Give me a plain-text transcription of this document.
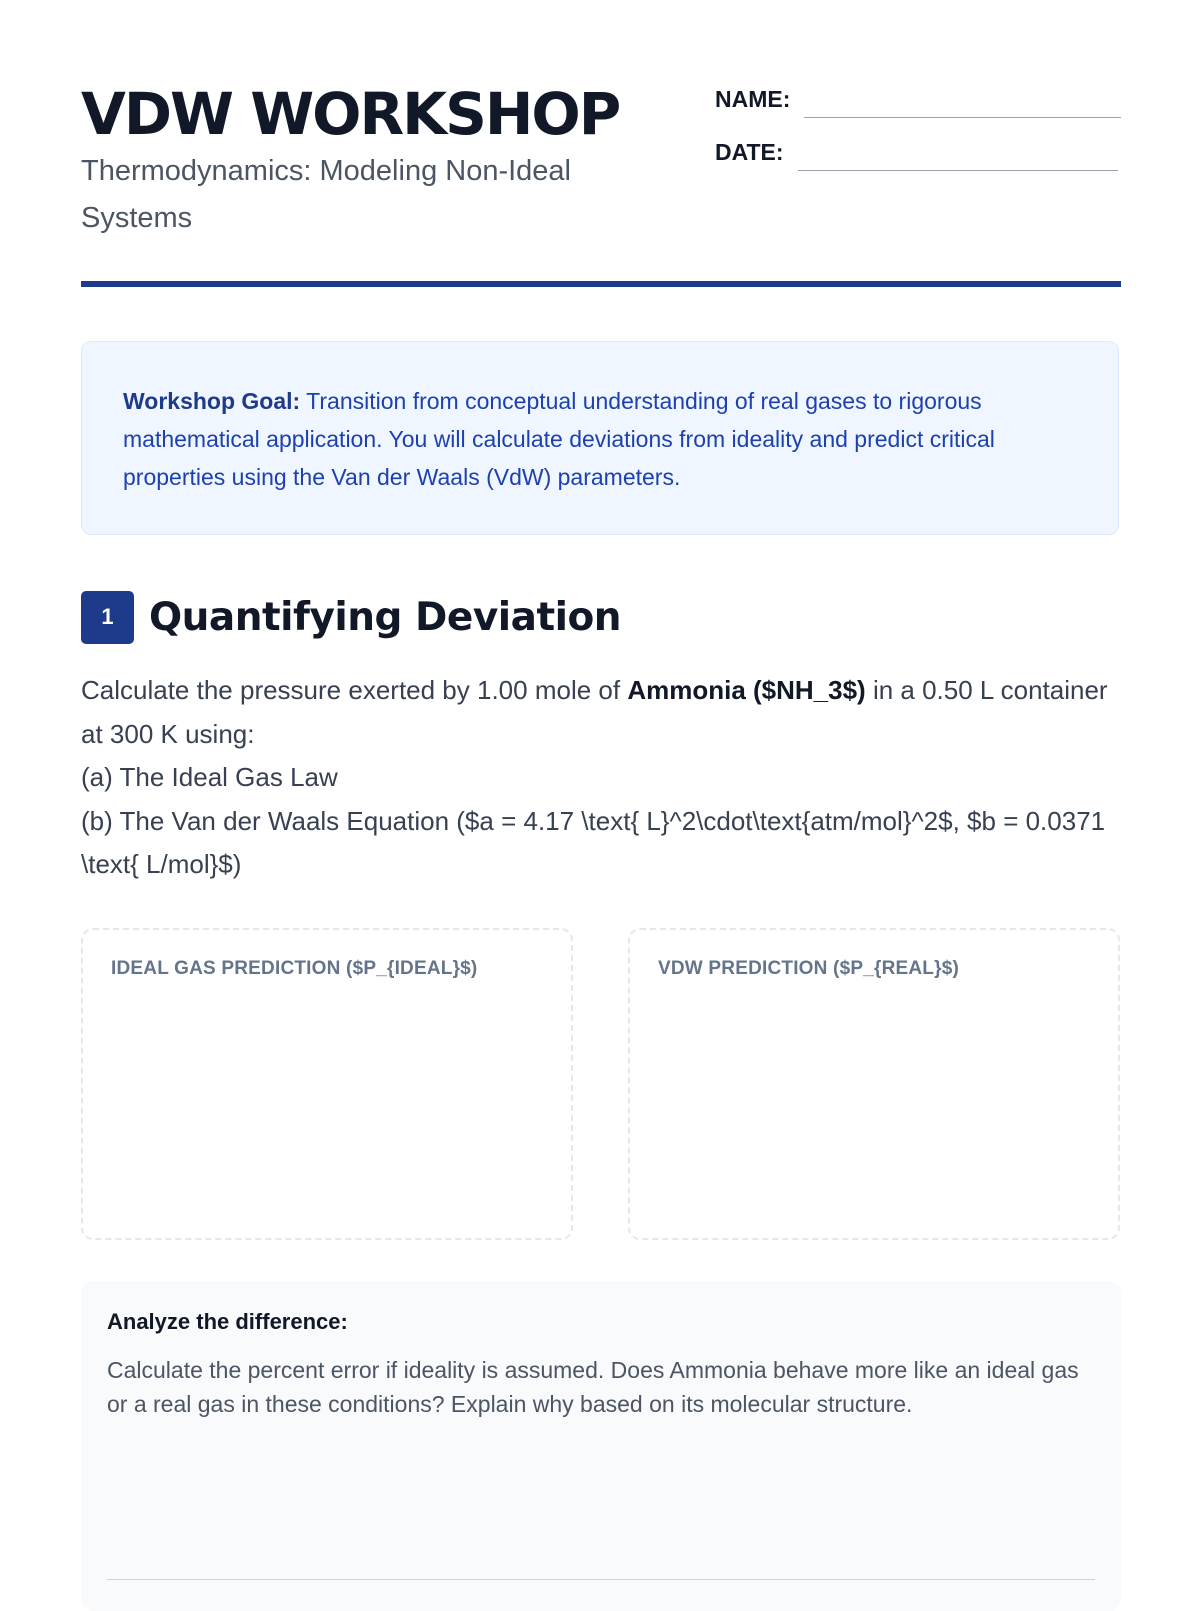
VDW WORKSHOP
Thermodynamics: Modeling Non-Ideal Systems
NAME:
DATE:
Workshop Goal: Transition from conceptual understanding of real gases to rigorous mathematical application. You will calculate deviations from ideality and predict critical properties using the Van der Waals (VdW) parameters.
1 Quantifying Deviation

Calculate the pressure exerted by 1.00 mole of Ammonia ($NH_3$) in a 0.50 L container at 300 K using:

(a) The Ideal Gas Law

(b) The Van der Waals Equation ($a = 4.17 \text{ L}^2\cdot\text{atm/mol}^2$, $b = 0.0371 \text{ L/mol}$)

IDEAL GAS PREDICTION ($P_{IDEAL}$)	VDW PREDICTION ($P_{REAL}$)
Analyze the difference:
Calculate the percent error if ideality is assumed. Does Ammonia behave more like an ideal gas or a real gas in these conditions? Explain why based on its molecular structure.
